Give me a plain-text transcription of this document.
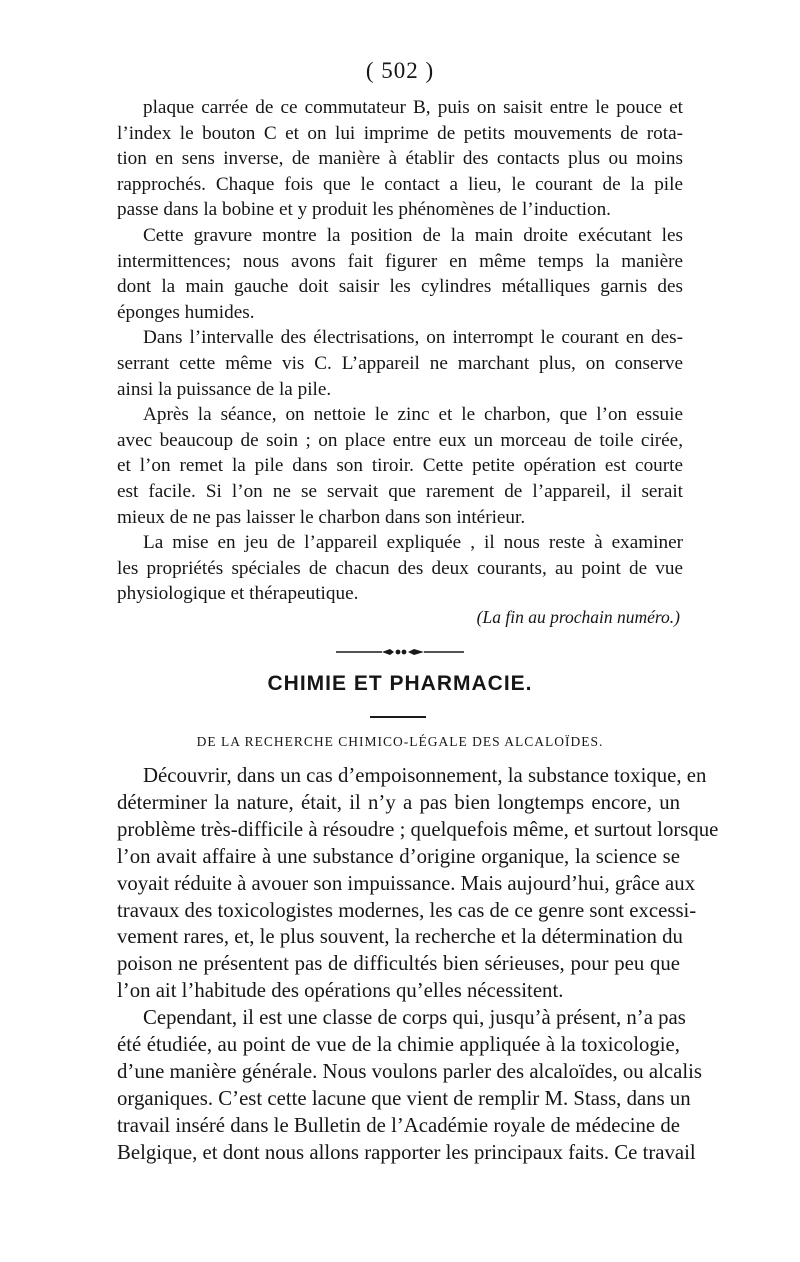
( 502 )
plaque carrée de ce commutateur B, puis on saisit entre le pouce et
l’index le bouton C et on lui imprime de petits mouvements de rota-
tion en sens inverse, de manière à établir des contacts plus ou moins
rapprochés. Chaque fois que le contact a lieu, le courant de la pile
passe dans la bobine et y produit les phénomènes de l’induction.
Cette gravure montre la position de la main droite exécutant les
intermittences; nous avons fait figurer en même temps la manière
dont la main gauche doit saisir les cylindres métalliques garnis des
éponges humides.
Dans l’intervalle des électrisations, on interrompt le courant en des-
serrant cette même vis C. L’appareil ne marchant plus, on conserve
ainsi la puissance de la pile.
Après la séance, on nettoie le zinc et le charbon, que l’on essuie
avec beaucoup de soin ; on place entre eux un morceau de toile cirée,
et l’on remet la pile dans son tiroir. Cette petite opération est courte
est facile. Si l’on ne se servait que rarement de l’appareil, il serait
mieux de ne pas laisser le charbon dans son intérieur.
La mise en jeu de l’appareil expliquée , il nous reste à examiner
les propriétés spéciales de chacun des deux courants, au point de vue
physiologique et thérapeutique.
(La fin au prochain numéro.)
CHIMIE ET PHARMACIE.
DE LA RECHERCHE CHIMICO-LÉGALE DES ALCALOÏDES.
Découvrir, dans un cas d’empoisonnement, la substance toxique, en
déterminer la nature, était, il n’y a pas bien longtemps encore, un
problème très-difficile à résoudre ; quelquefois même, et surtout lorsque
l’on avait affaire à une substance d’origine organique, la science se
voyait réduite à avouer son impuissance. Mais aujourd’hui, grâce aux
travaux des toxicologistes modernes, les cas de ce genre sont excessi-
vement rares, et, le plus souvent, la recherche et la détermination du
poison ne présentent pas de difficultés bien sérieuses, pour peu que
l’on ait l’habitude des opérations qu’elles nécessitent.
Cependant, il est une classe de corps qui, jusqu’à présent, n’a pas
été étudiée, au point de vue de la chimie appliquée à la toxicologie,
d’une manière générale. Nous voulons parler des alcaloïdes, ou alcalis
organiques. C’est cette lacune que vient de remplir M. Stass, dans un
travail inséré dans le Bulletin de l’Académie royale de médecine de
Belgique, et dont nous allons rapporter les principaux faits. Ce travail
